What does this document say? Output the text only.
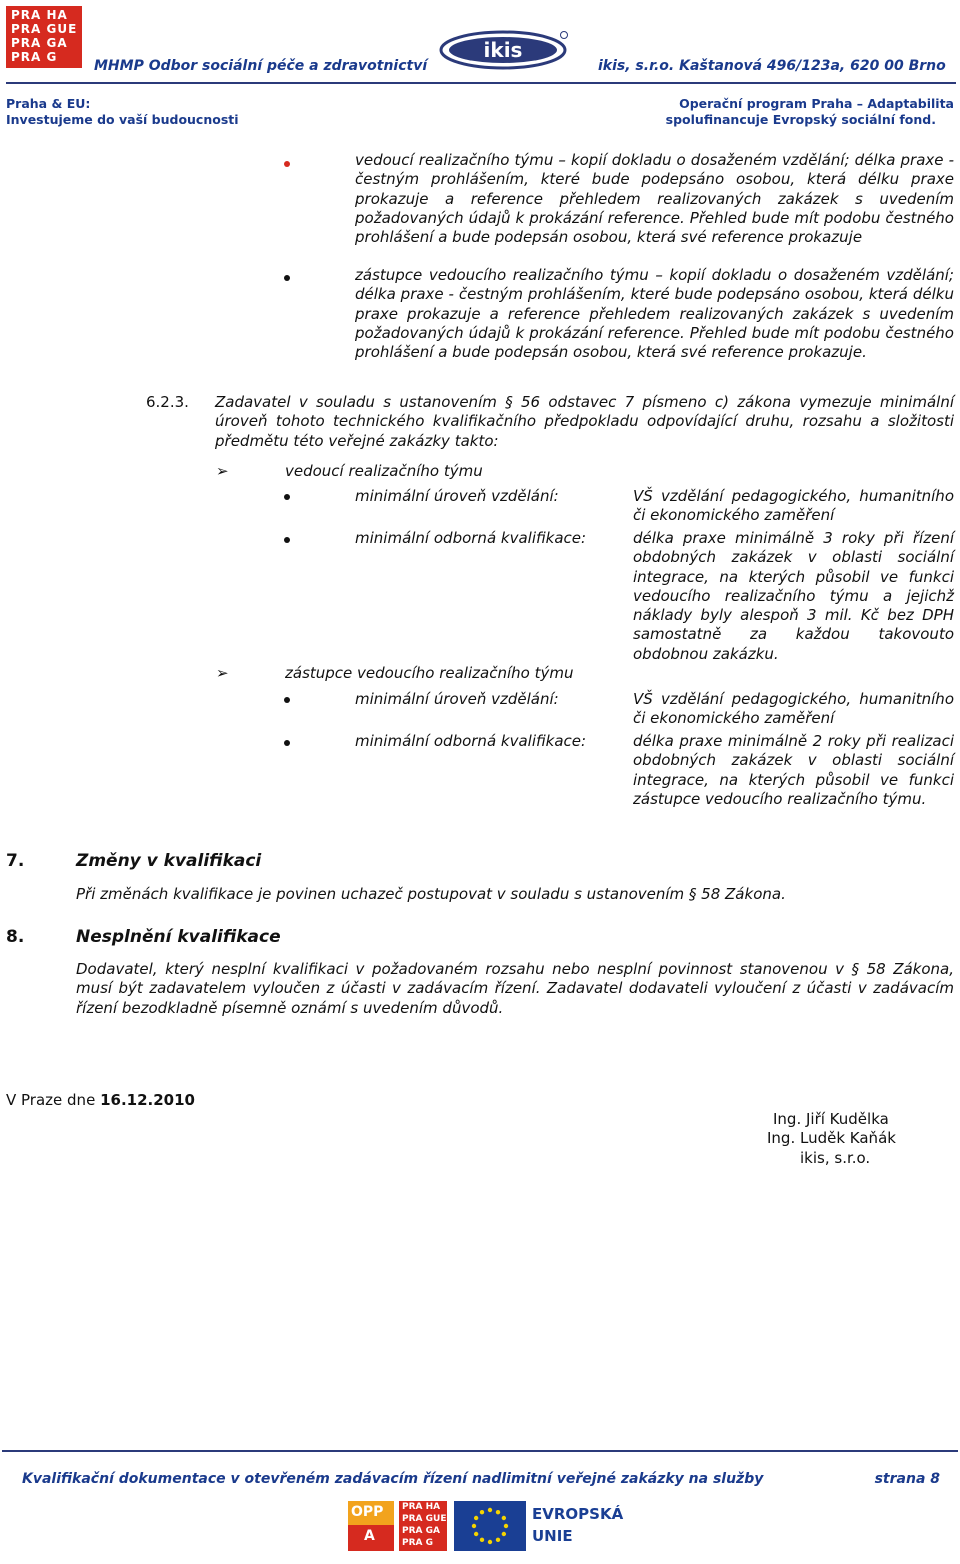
PRA HA
PRA GUE
PRA GA
PRA G
MHMP Odbor sociální péče a zdravotnictví
ikis
ikis, s.r.o. Kaštanová 496/123a, 620 00 Brno
Praha & EU:
Investujeme do vaší budoucnosti
Operační program Praha – Adaptabilita
spolufinancuje Evropský sociální fond.
vedoucí realizačního týmu – kopií dokladu o dosaženém vzdělání; délka praxe - čestným prohlášením, které bude podepsáno osobou, která délku praxe prokazuje a reference přehledem realizovaných zakázek s uvedením požadovaných údajů k prokázání reference. Přehled bude mít podobu čestného prohlášení a bude podepsán osobou, která své reference prokazuje
zástupce vedoucího realizačního týmu – kopií dokladu o dosaženém vzdělání; délka praxe - čestným prohlášením, které bude podepsáno osobou, která délku praxe prokazuje a reference přehledem realizovaných zakázek s uvedením požadovaných údajů k prokázání reference. Přehled bude mít podobu čestného prohlášení a bude podepsán osobou, která své reference prokazuje.
6.2.3. Zadavatel v souladu s ustanovením § 56 odstavec 7 písmeno c) zákona vymezuje minimální úroveň tohoto technického kvalifikačního předpokladu odpovídající druhu, rozsahu a složitosti předmětu této veřejné zakázky takto:
➢	vedoucí realizačního týmu
minimální úroveň vzdělání:	VŠ vzdělání pedagogického, humanitního či ekonomického zaměření
minimální odborná kvalifikace:	délka praxe minimálně 3 roky při řízení obdobných zakázek v oblasti sociální integrace, na kterých působil ve funkci vedoucího realizačního týmu a jejichž náklady byly alespoň 3 mil. Kč bez DPH samostatně za každou takovouto obdobnou zakázku.
➢	zástupce vedoucího realizačního týmu
minimální úroveň vzdělání:	VŠ vzdělání pedagogického, humanitního či ekonomického zaměření
minimální odborná kvalifikace:	délka praxe minimálně 2 roky při realizaci obdobných zakázek v oblasti sociální integrace, na kterých působil ve funkci zástupce vedoucího realizačního týmu.
7.	Změny v kvalifikaci
Při změnách kvalifikace je povinen uchazeč postupovat v souladu s ustanovením § 58 Zákona.
8.	Nesplnění kvalifikace
Dodavatel, který nesplní kvalifikaci v požadovaném rozsahu nebo nesplní povinnost stanovenou v § 58 Zákona, musí být zadavatelem vyloučen z účasti v zadávacím řízení. Zadavatel dodavateli vyloučení z účasti v zadávacím řízení bezodkladně písemně oznámí s uvedením důvodů.
V Praze dne 16.12.2010
Ing. Jiří Kudělka
Ing. Luděk Kaňák
ikis, s.r.o.
Kvalifikační dokumentace v otevřeném zadávacím řízení nadlimitní veřejné zakázky na služby	strana 8
OPP
A
PRA HA
PRA GUE
PRA GA
PRA G
EVROPSKÁ
UNIE
